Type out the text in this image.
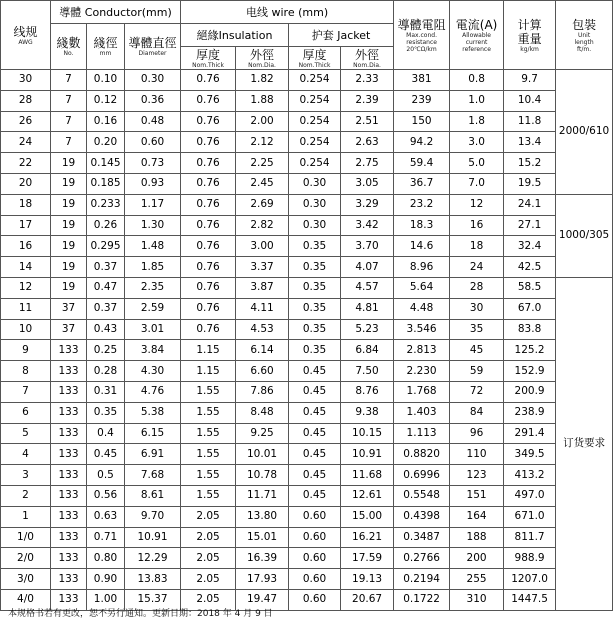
线规
AWG	導體 Conductor(mm)			电线 wire (mm)				導體電阻
Max.cond.
resistance
20℃Ω/km	電流(A)
Allowable
current
reference	计算
重量
kg/km	包裝
Unit
length
ft/m.

	綫數
No.	綫徑
mm	導體直徑
Diameter	絕緣Insulation		护套 Jacket					

				厚度
Nom.Thick	外徑
Nom.Dia.	厚度
Nom.Thick	外徑
Nom.Dia.				

30	7	0.10	0.30	0.76	1.82	0.254	2.33	381	0.8	9.7	2000/610
28	7	0.12	0.36	0.76	1.88	0.254	2.39	239	1.0	10.4	
26	7	0.16	0.48	0.76	2.00	0.254	2.51	150	1.8	11.8	
24	7	0.20	0.60	0.76	2.12	0.254	2.63	94.2	3.0	13.4	
22	19	0.145	0.73	0.76	2.25	0.254	2.75	59.4	5.0	15.2	
20	19	0.185	0.93	0.76	2.45	0.30	3.05	36.7	7.0	19.5	
18	19	0.233	1.17	0.76	2.69	0.30	3.29	23.2	12	24.1	1000/305
17	19	0.26	1.30	0.76	2.82	0.30	3.42	18.3	16	27.1	
16	19	0.295	1.48	0.76	3.00	0.35	3.70	14.6	18	32.4	
14	19	0.37	1.85	0.76	3.37	0.35	4.07	8.96	24	42.5	
12	19	0.47	2.35	0.76	3.87	0.35	4.57	5.64	28	58.5	订货要求
11	37	0.37	2.59	0.76	4.11	0.35	4.81	4.48	30	67.0	
10	37	0.43	3.01	0.76	4.53	0.35	5.23	3.546	35	83.8	
9	133	0.25	3.84	1.15	6.14	0.35	6.84	2.813	45	125.2	
8	133	0.28	4.30	1.15	6.60	0.45	7.50	2.230	59	152.9	
7	133	0.31	4.76	1.55	7.86	0.45	8.76	1.768	72	200.9	
6	133	0.35	5.38	1.55	8.48	0.45	9.38	1.403	84	238.9	
5	133	0.4	6.15	1.55	9.25	0.45	10.15	1.113	96	291.4	
4	133	0.45	6.91	1.55	10.01	0.45	10.91	0.8820	110	349.5	
3	133	0.5	7.68	1.55	10.78	0.45	11.68	0.6996	123	413.2	
2	133	0.56	8.61	1.55	11.71	0.45	12.61	0.5548	151	497.0	
1	133	0.63	9.70	2.05	13.80	0.60	15.00	0.4398	164	671.0	
1/0	133	0.71	10.91	2.05	15.01	0.60	16.21	0.3487	188	811.7	
2/0	133	0.80	12.29	2.05	16.39	0.60	17.59	0.2766	200	988.9	
3/0	133	0.90	13.83	2.05	17.93	0.60	19.13	0.2194	255	1207.0	
4/0	133	1.00	15.37	2.05	19.47	0.60	20.67	0.1722	310	1447.5	
本规格书若有更改，恕不另行通知。更新日期：2018 年 4 月 9 日
